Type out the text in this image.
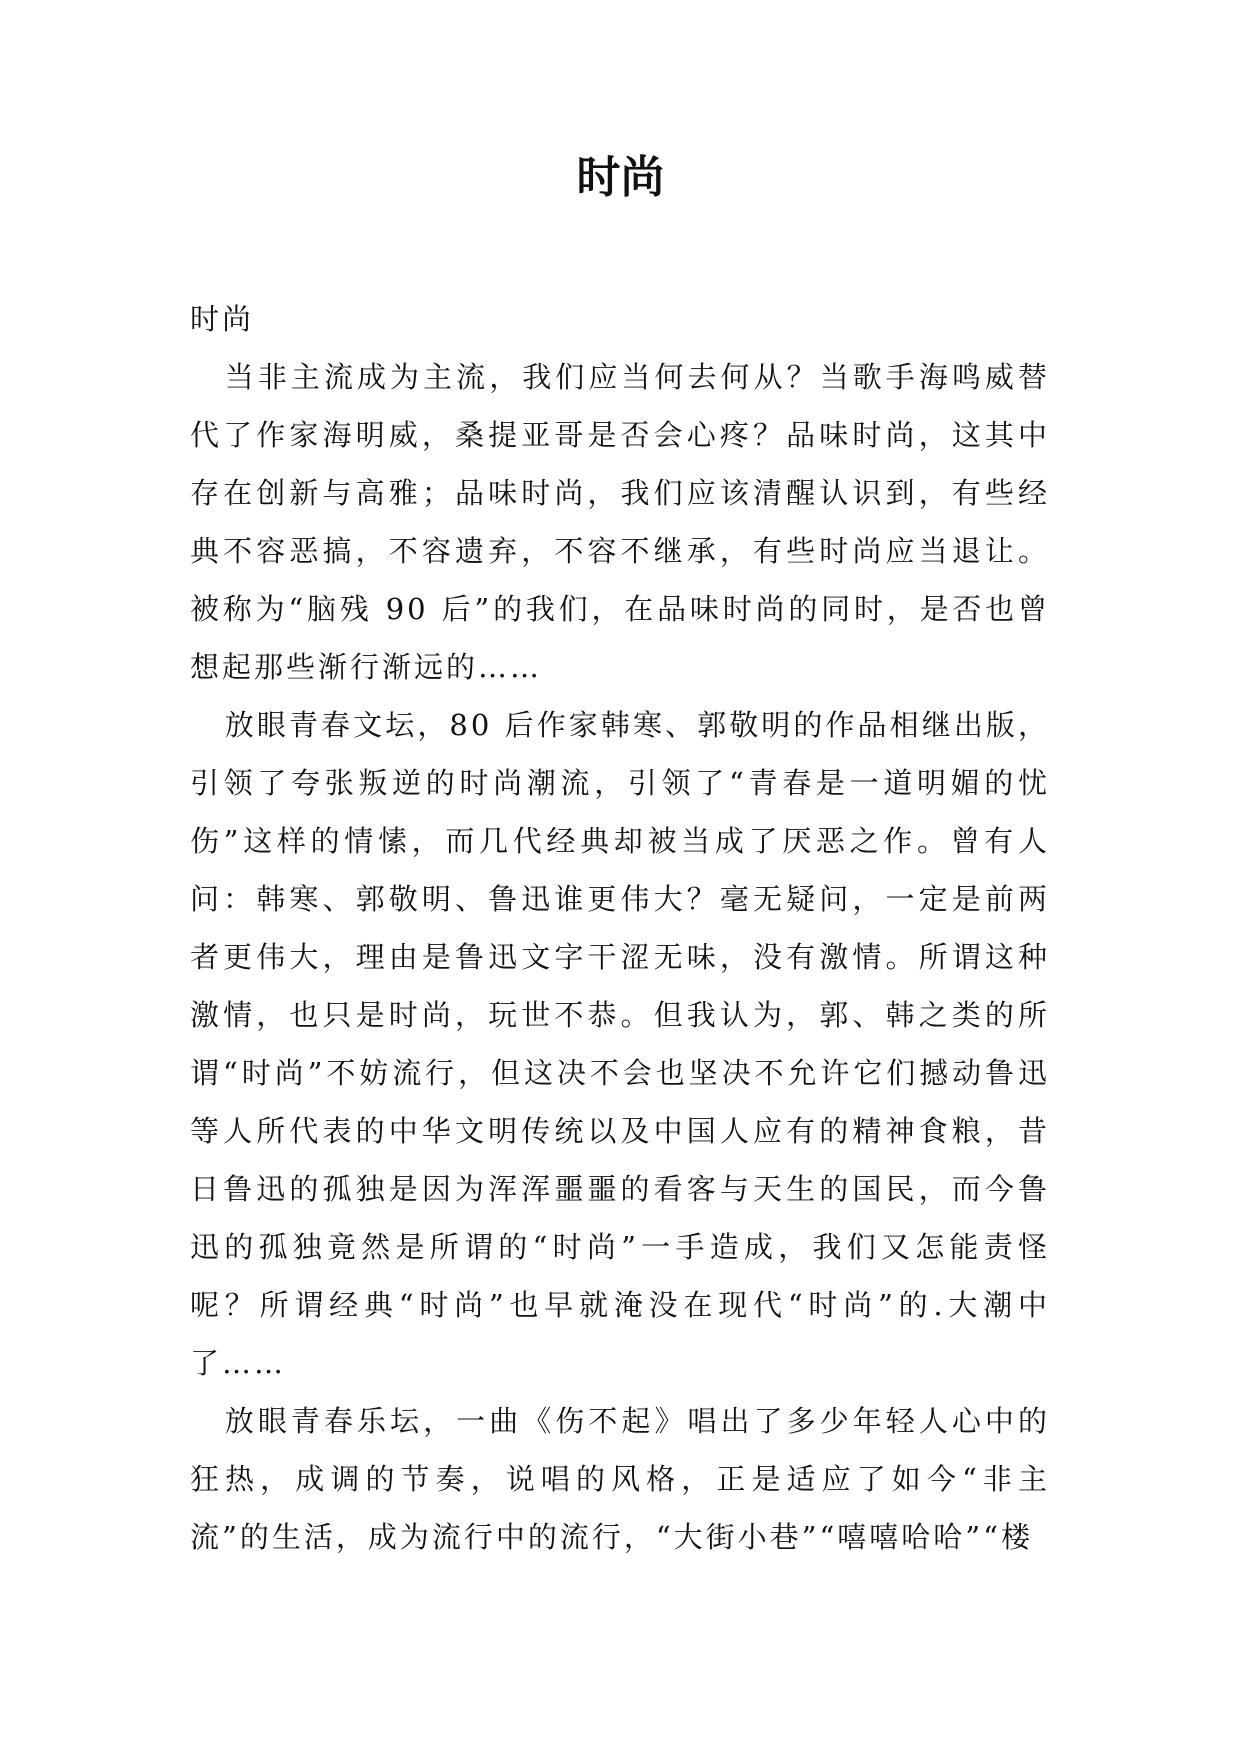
时尚

时尚

当非主流成为主流，我们应当何去何从？当歌手海鸣威替代了作家海明威，桑提亚哥是否会心疼？品味时尚，这其中存在创新与高雅；品味时尚，我们应该清醒认识到，有些经典不容恶搞，不容遗弃，不容不继承，有些时尚应当退让。被称为“脑残 90 后”的我们，在品味时尚的同时，是否也曾想起那些渐行渐远的……

放眼青春文坛，80 后作家韩寒、郭敬明的作品相继出版，引领了夸张叛逆的时尚潮流，引领了“青春是一道明媚的忧伤”这样的情愫，而几代经典却被当成了厌恶之作。曾有人问：韩寒、郭敬明、鲁迅谁更伟大？毫无疑问，一定是前两者更伟大，理由是鲁迅文字干涩无味，没有激情。所谓这种激情，也只是时尚，玩世不恭。但我认为，郭、韩之类的所谓“时尚”不妨流行，但这决不会也坚决不允许它们撼动鲁迅等人所代表的中华文明传统以及中国人应有的精神食粮，昔日鲁迅的孤独是因为浑浑噩噩的看客与天生的国民，而今鲁迅的孤独竟然是所谓的“时尚”一手造成，我们又怎能责怪呢？所谓经典“时尚”也早就淹没在现代“时尚”的.大潮中了……

放眼青春乐坛，一曲《伤不起》唱出了多少年轻人心中的狂热，成调的节奏，说唱的风格，正是适应了如今“非主流”的生活，成为流行中的流行，“大街小巷”“嘻嘻哈哈”“楼
